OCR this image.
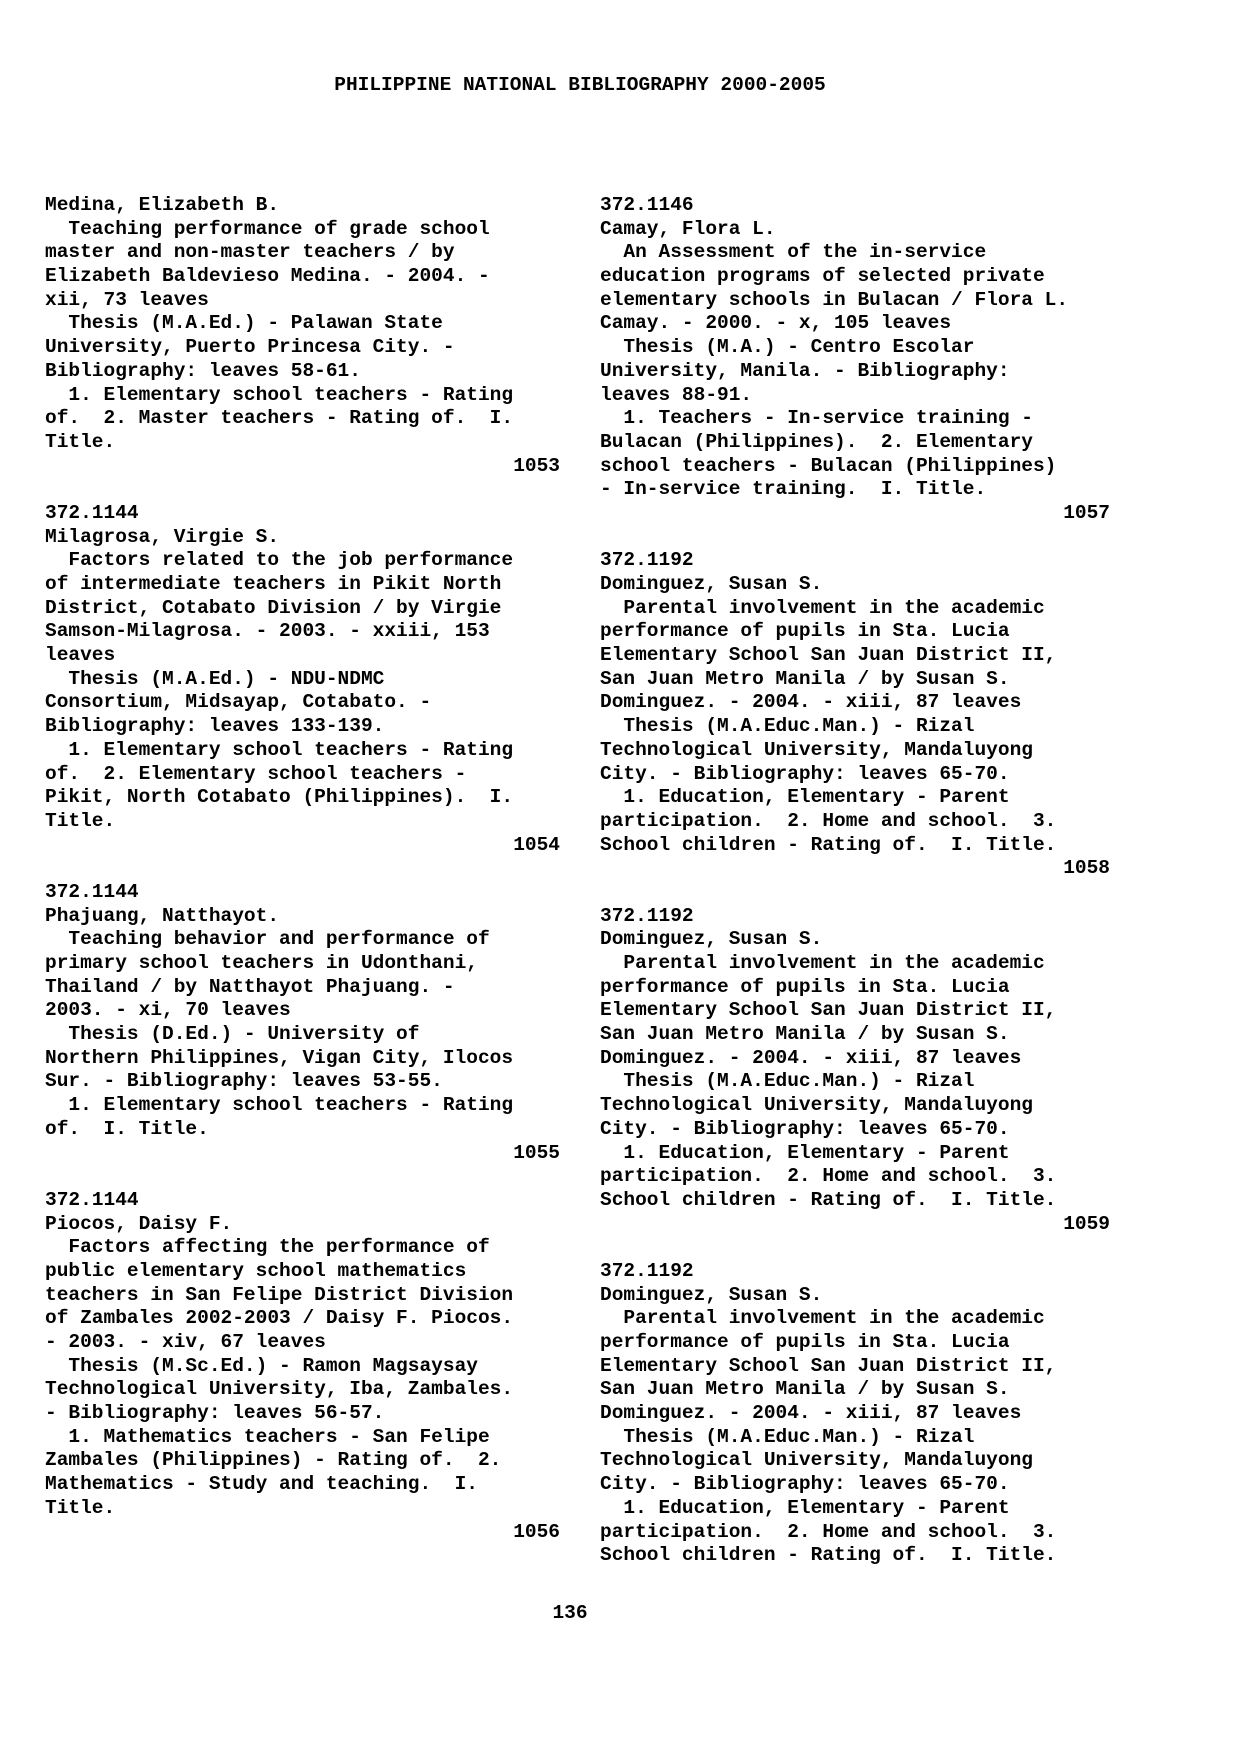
PHILIPPINE NATIONAL BIBLIOGRAPHY 2000-2005
Medina, Elizabeth B.
Teaching performance of grade school
master and non-master teachers / by
Elizabeth Baldevieso Medina. - 2004. -
xii, 73 leaves
Thesis (M.A.Ed.) - Palawan State
University, Puerto Princesa City. -
Bibliography: leaves 58-61.
1. Elementary school teachers - Rating
of.  2. Master teachers - Rating of.  I.
Title.
1053
372.1144
Milagrosa, Virgie S.
Factors related to the job performance
of intermediate teachers in Pikit North
District, Cotabato Division / by Virgie
Samson-Milagrosa. - 2003. - xxiii, 153
leaves
Thesis (M.A.Ed.) - NDU-NDMC
Consortium, Midsayap, Cotabato. -
Bibliography: leaves 133-139.
1. Elementary school teachers - Rating
of.  2. Elementary school teachers -
Pikit, North Cotabato (Philippines).  I.
Title.
1054
372.1144
Phajuang, Natthayot.
Teaching behavior and performance of
primary school teachers in Udonthani,
Thailand / by Natthayot Phajuang. -
2003. - xi, 70 leaves
Thesis (D.Ed.) - University of
Northern Philippines, Vigan City, Ilocos
Sur. - Bibliography: leaves 53-55.
1. Elementary school teachers - Rating
of.  I. Title.
1055
372.1144
Piocos, Daisy F.
Factors affecting the performance of
public elementary school mathematics
teachers in San Felipe District Division
of Zambales 2002-2003 / Daisy F. Piocos.
- 2003. - xiv, 67 leaves
Thesis (M.Sc.Ed.) - Ramon Magsaysay
Technological University, Iba, Zambales.
- Bibliography: leaves 56-57.
1. Mathematics teachers - San Felipe
Zambales (Philippines) - Rating of.  2.
Mathematics - Study and teaching.  I.
Title.
1056
372.1146
Camay, Flora L.
An Assessment of the in-service
education programs of selected private
elementary schools in Bulacan / Flora L.
Camay. - 2000. - x, 105 leaves
Thesis (M.A.) - Centro Escolar
University, Manila. - Bibliography:
leaves 88-91.
1. Teachers - In-service training -
Bulacan (Philippines).  2. Elementary
school teachers - Bulacan (Philippines)
- In-service training.  I. Title.
1057
372.1192
Dominguez, Susan S.
Parental involvement in the academic
performance of pupils in Sta. Lucia
Elementary School San Juan District II,
San Juan Metro Manila / by Susan S.
Dominguez. - 2004. - xiii, 87 leaves
Thesis (M.A.Educ.Man.) - Rizal
Technological University, Mandaluyong
City. - Bibliography: leaves 65-70.
1. Education, Elementary - Parent
participation.  2. Home and school.  3.
School children - Rating of.  I. Title.
1058
372.1192
Dominguez, Susan S.
Parental involvement in the academic
performance of pupils in Sta. Lucia
Elementary School San Juan District II,
San Juan Metro Manila / by Susan S.
Dominguez. - 2004. - xiii, 87 leaves
Thesis (M.A.Educ.Man.) - Rizal
Technological University, Mandaluyong
City. - Bibliography: leaves 65-70.
1. Education, Elementary - Parent
participation.  2. Home and school.  3.
School children - Rating of.  I. Title.
1059
372.1192
Dominguez, Susan S.
Parental involvement in the academic
performance of pupils in Sta. Lucia
Elementary School San Juan District II,
San Juan Metro Manila / by Susan S.
Dominguez. - 2004. - xiii, 87 leaves
Thesis (M.A.Educ.Man.) - Rizal
Technological University, Mandaluyong
City. - Bibliography: leaves 65-70.
1. Education, Elementary - Parent
participation.  2. Home and school.  3.
School children - Rating of.  I. Title.
136
